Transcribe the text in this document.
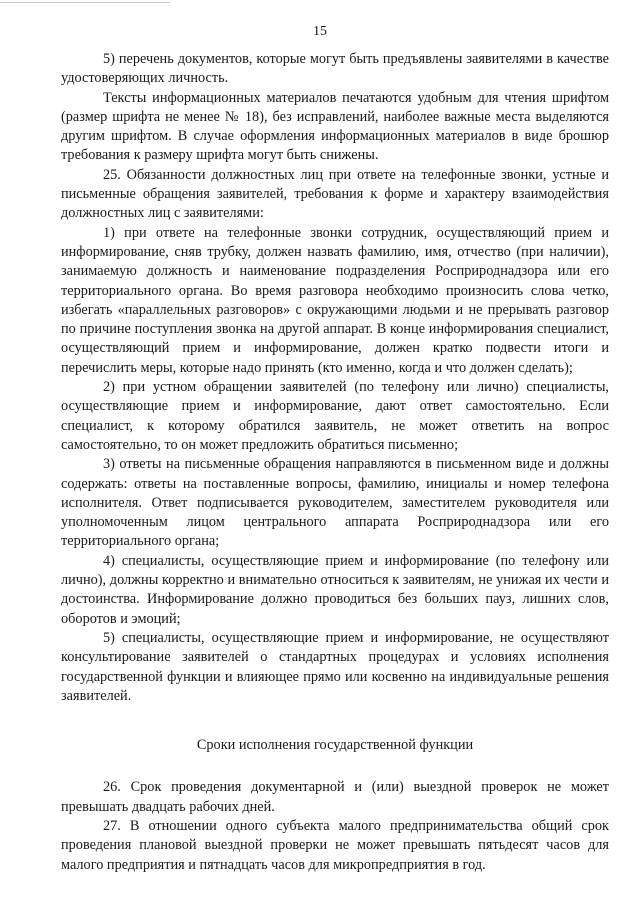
15

5) перечень документов, которые могут быть предъявлены заявителями в качестве удостоверяющих личность.

Тексты информационных материалов печатаются удобным для чтения шрифтом (размер шрифта не менее № 18), без исправлений, наиболее важные места выделяются другим шрифтом. В случае оформления информационных материалов в виде брошюр требования к размеру шрифта могут быть снижены.

25. Обязанности должностных лиц при ответе на телефонные звонки, устные и письменные обращения заявителей, требования к форме и характеру взаимодействия должностных лиц с заявителями:

1) при ответе на телефонные звонки сотрудник, осуществляющий прием и информирование, сняв трубку, должен назвать фамилию, имя, отчество (при наличии), занимаемую должность и наименование подразделения Росприроднадзора или его территориального органа. Во время разговора необходимо произносить слова четко, избегать «параллельных разговоров» с окружающими людьми и не прерывать разговор по причине поступления звонка на другой аппарат. В конце информирования специалист, осуществляющий прием и информирование, должен кратко подвести итоги и перечислить меры, которые надо принять (кто именно, когда и что должен сделать);

2) при устном обращении заявителей (по телефону или лично) специалисты, осуществляющие прием и информирование, дают ответ самостоятельно. Если специалист, к которому обратился заявитель, не может ответить на вопрос самостоятельно, то он может предложить обратиться письменно;

3) ответы на письменные обращения направляются в письменном виде и должны содержать: ответы на поставленные вопросы, фамилию, инициалы и номер телефона исполнителя. Ответ подписывается руководителем, заместителем руководителя или уполномоченным лицом центрального аппарата Росприроднадзора или его территориального органа;

4) специалисты, осуществляющие прием и информирование (по телефону или лично), должны корректно и внимательно относиться к заявителям, не унижая их чести и достоинства. Информирование должно проводиться без больших пауз, лишних слов, оборотов и эмоций;

5) специалисты, осуществляющие прием и информирование, не осуществляют консультирование заявителей о стандартных процедурах и условиях исполнения государственной функции и влияющее прямо или косвенно на индивидуальные решения заявителей.

Сроки исполнения государственной функции

26. Срок проведения документарной и (или) выездной проверок не может превышать двадцать рабочих дней.

27. В отношении одного субъекта малого предпринимательства общий срок проведения плановой выездной проверки не может превышать пятьдесят часов для малого предприятия и пятнадцать часов для микропредприятия в год.
